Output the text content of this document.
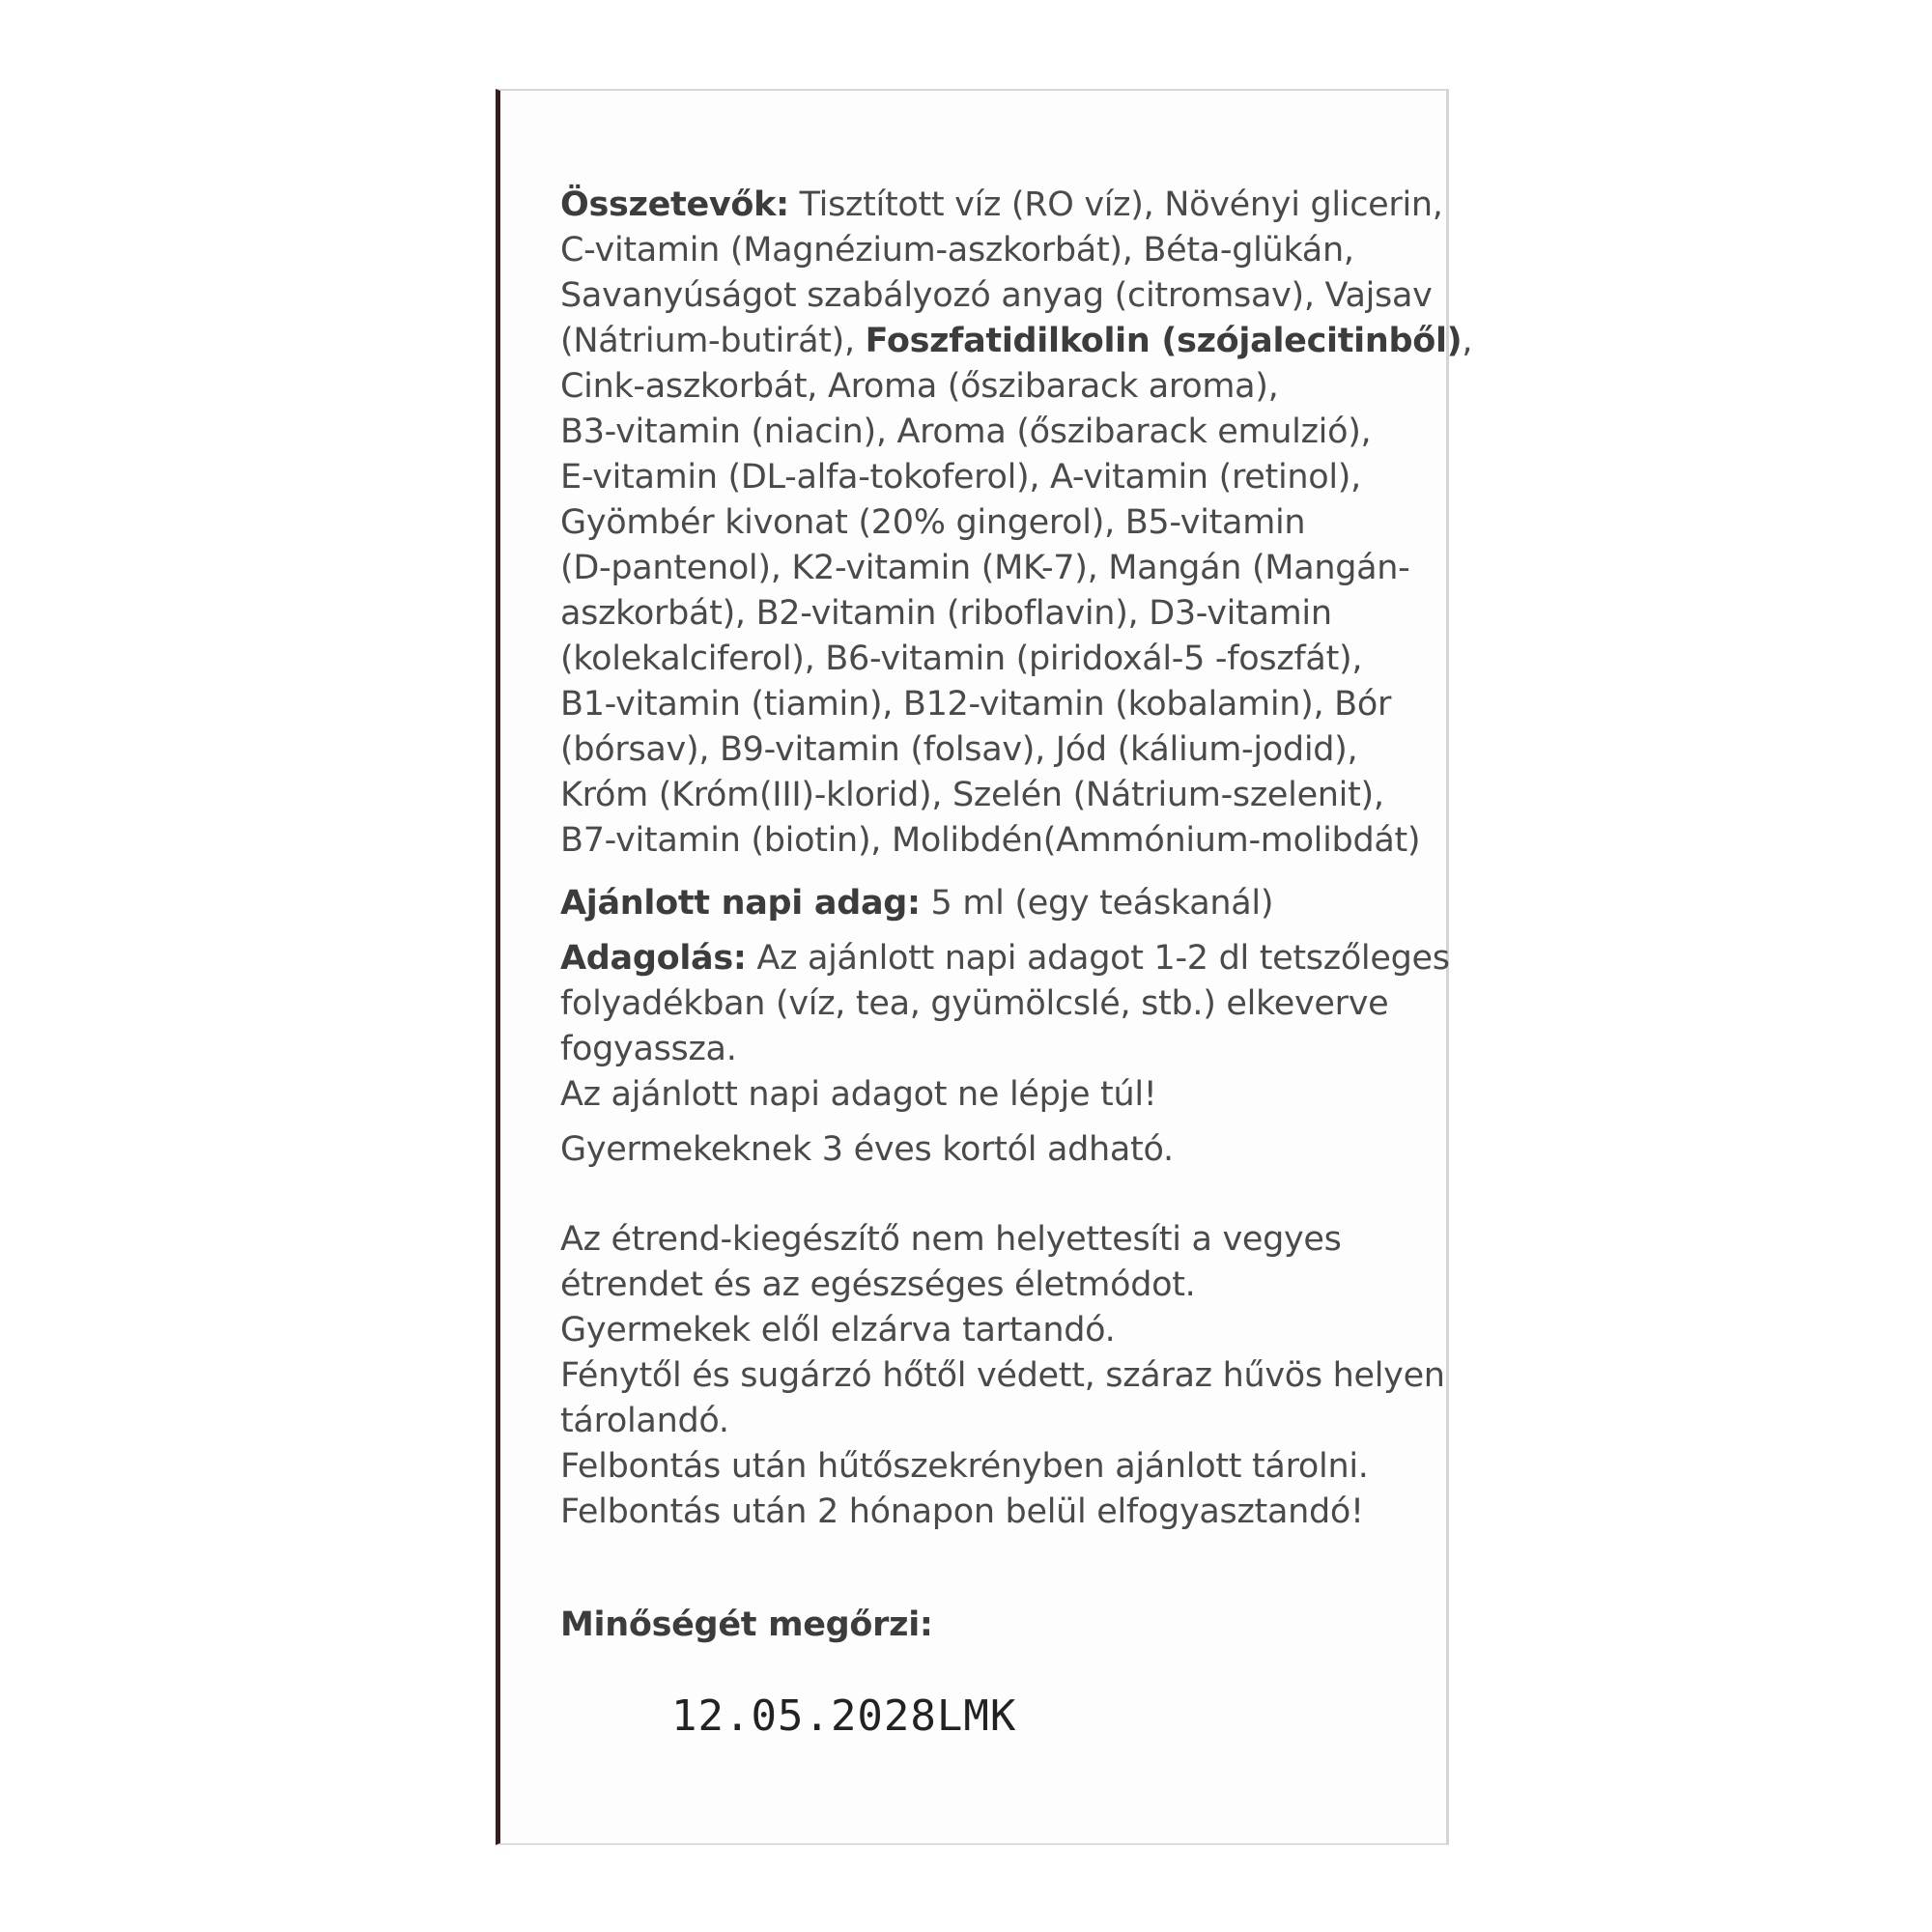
Összetevők: Tisztított víz (RO víz), Növényi glicerin,
C-vitamin (Magnézium-aszkorbát), Béta-glükán,
Savanyúságot szabályozó anyag (citromsav), Vajsav
(Nátrium-butirát), Foszfatidilkolin (szójalecitinből),
Cink-aszkorbát, Aroma (őszibarack aroma),
B3-vitamin (niacin), Aroma (őszibarack emulzió),
E-vitamin (DL-alfa-tokoferol), A-vitamin (retinol),
Gyömbér kivonat (20% gingerol), B5-vitamin
(D-pantenol), K2-vitamin (MK-7), Mangán (Mangán-
aszkorbát), B2-vitamin (riboflavin), D3-vitamin
(kolekalciferol), B6-vitamin (piridoxál-5 -foszfát),
B1-vitamin (tiamin), B12-vitamin (kobalamin), Bór
(bórsav), B9-vitamin (folsav), Jód (kálium-jodid),
Króm (Króm(III)-klorid), Szelén (Nátrium-szelenit),
B7-vitamin (biotin), Molibdén(Ammónium-molibdát)
Ajánlott napi adag: 5 ml (egy teáskanál)
Adagolás: Az ajánlott napi adagot 1-2 dl tetszőleges
folyadékban (víz, tea, gyümölcslé, stb.) elkeverve
fogyassza.
Az ajánlott napi adagot ne lépje túl!
Gyermekeknek 3 éves kortól adható.
Az étrend-kiegészítő nem helyettesíti a vegyes
étrendet és az egészséges életmódot.
Gyermekek elől elzárva tartandó.
Fénytől és sugárzó hőtől védett, száraz hűvös helyen
tárolandó.
Felbontás után hűtőszekrényben ajánlott tárolni.
Felbontás után 2 hónapon belül elfogyasztandó!
Minőségét megőrzi:
12.05.2028LMK
